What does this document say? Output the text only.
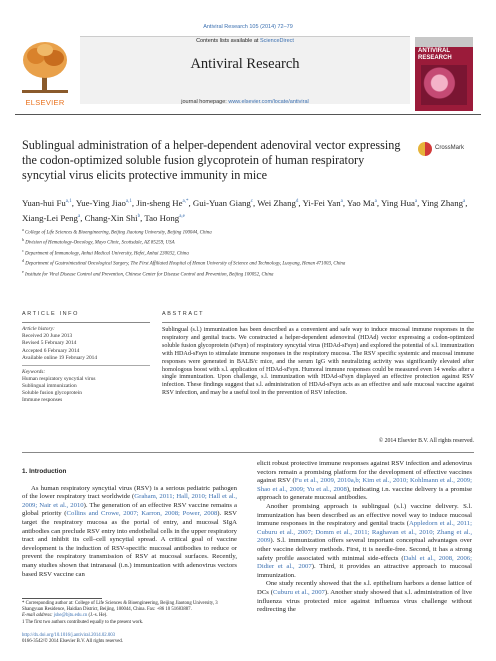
Antiviral Research 105 (2014) 72–79
Contents lists available at ScienceDirect
Antiviral Research
journal homepage: www.elsevier.com/locate/antiviral
ELSEVIER
ANTIVIRAL RESEARCH
Sublingual administration of a helper-dependent adenoviral vector expressing the codon-optimized soluble fusion glycoprotein of human respiratory syncytial virus elicits protective immunity in mice
CrossMark
Yuan-hui Fu$^{a,1}$, Yue-Ying Jiao$^{a,1}$, Jin-sheng $He^{a,*}$, Gui-Yuan Giang$^c$, Wei Zhang$^d$, Yi-Fei Yan$^a$, Yao Ma$^a$, Ying Hua$^a$, Ying Zhang$^a$, Xiang-Lei Peng$^a$, Chang-Xin Shi$^b$, Tao Hong$^{a,e}$
$^a$ College of Life Sciences & Bioengineering, Beijing Jiaotong University, Beijing 100044, China
$^b$ Division of Hematology-Oncology, Mayo Clinic, Scottsdale, AZ 85259, USA
$^c$ Department of Immunology, Anhui Medical University, Hefei, Anhui 230032, China
$^d$ Department of Gastrointestinal Oncological Surgery, The First Affiliated Hospital of Henan University of Science and Technology, Luoyang, Henan 471003, China
$^e$ Institute for Viral Disease Control and Prevention, Chinese Center for Disease Control and Prevention, Beijing 100052, China
ARTICLE INFO	ABSTRACT
Article history:
Received 20 June 2013
Revised 5 February 2014
Accepted 6 February 2014
Available online 19 February 2014
Keywords:
Human respiratory syncytial virus
Sublingual immunization
Soluble fusion glycoprotein
Immune responses
Sublingual (s.l.) immunization has been described as a convenient and safe way to induce mucosal immune responses in the respiratory and genital tracts. We constructed a helper-dependent adenoviral (HDAd) vector expressing a codon-optimized soluble fusion glycoprotein (sFsyn) of respiratory syncytial virus (HDAd-sFsyn) and explored the potential of s.l. immunization with HDAd-sFsyn to stimulate immune responses in the respiratory mucosa. The RSV specific systemic and mucosal immune responses were generated in BALB/c mice, and the serum IgG with neutralizing activity was significantly elevated after homologous boost with s.l. application of HDAd-sFsyn. Humoral immune responses could be measured even 14 weeks after a single immunization. Upon challenge, s.l. immunization with HDAd-sFsyn displayed an effective protection against RSV infection. These findings suggest that s.l. administration of HDAd-sFsyn acts as an effective and safe mucosal vaccine against RSV infection, and may be a useful tool in the prevention of RSV infection.
© 2014 Elsevier B.V. All rights reserved.
1. Introduction

As human respiratory syncytial virus (RSV) is a serious pediatric pathogen of the lower respiratory tract worldwide (Graham, 2011; Hall, 2010; Hall et al., 2009; Nair et al., 2010). The generation of an effective RSV vaccine remains a global priority (Collins and Crowe, 2007; Karron, 2008; Power, 2008). RSV target the respiratory mucosa as the portal of entry, and mucosal SIgA antibodies can preclude RSV entry into endothelial cells in the upper respiratory tract and inhibit its cell–cell syncytial spread. A critical goal of vaccine development is the induction of RSV-specific mucosal antibodies to reduce or prevent the respiratory transmission of RSV at mucosal surfaces. Recently, many studies shown that intranasal (i.n.) immunization with adenovirus vectors based RSV vaccine can

elicit robust protective immune responses against RSV infection and adenovirus vectors remain a promising platform for the development of effective vaccines against RSV (Fu et al., 2009, 2010a,b; Kim et al., 2010; Kohlmann et al., 2009; Shao et al., 2009; Yu et al., 2008), indicating i.n. vaccine delivery is a promise approach to generate mucosal antibodies.

Another promising approach is sublingual (s.l.) vaccine delivery. S.l. immunization has been described as an effective novel way to induce mucosal immune responses in the respiratory and genital tracts (Appledorn et al., 2011; Cuburu et al., 2007; Domm et al., 2011; Raghavan et al., 2010; Zhang et al., 2009). S.l. immunization offers several important conceptual advantages over other vaccine delivery methods. First, it is needle-free. Second, it has a strong safety profile associated with minimal side-effects (Dahl et al., 2008, 2006; Didier et al., 2007). Third, it provides an attractive approach to mucosal immunization.

One study recently showed that the s.l. epithelium harbors a dense lattice of DCs (Cuburu et al., 2007). Another study showed that s.l. administration of live influenza virus protected mice against influenza virus challenge without redirecting the

* Corresponding author at: College of Life Sciences & Bioengineering, Beijing Jiaotong University, 3 Shangyuan Residence, Haidian District, Beijing, 100044, China. Fax: +86 10 51683887.
E-mail address: jshe@bjtu.edu.cn (J.-s. He).
1 The first two authors contributed equally to the present work.
http://dx.doi.org/10.1016/j.antiviral.2014.02.003
0166-3542/© 2014 Elsevier B.V. All rights reserved.
